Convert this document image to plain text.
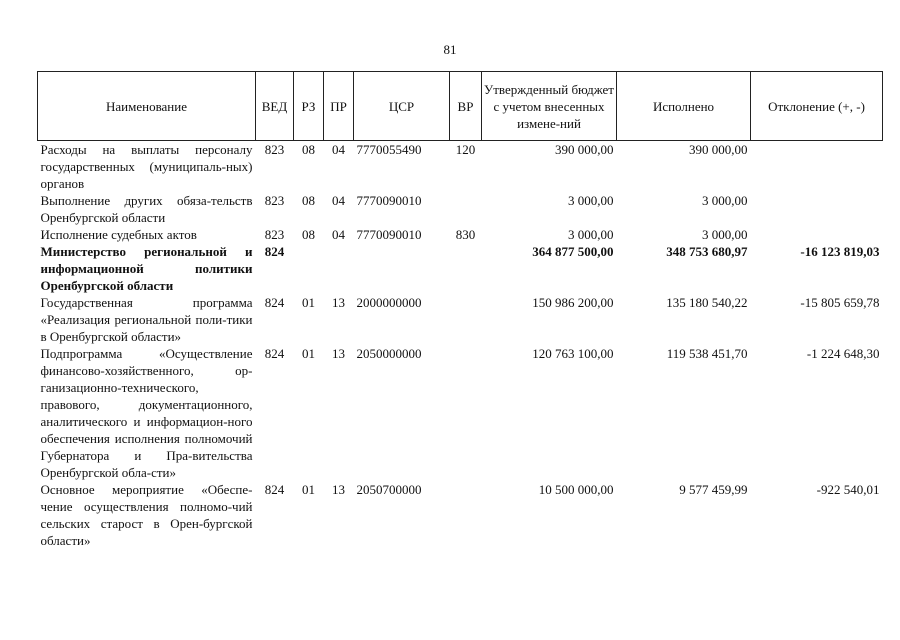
81
Наименование	ВЕД	РЗ	ПР	ЦСР	ВР	Утвержденный бюджет с учетом внесенных измене-ний	Исполнено	Отклонение (+, -)
Расходы на выплаты персоналу государственных (муниципаль-ных) органов	823	08	04	7770055490	120	390 000,00	390 000,00	
Выполнение других обяза-тельств Оренбургской области	823	08	04	7770090010		3 000,00	3 000,00	
Исполнение судебных актов	823	08	04	7770090010	830	3 000,00	3 000,00	
Министерство региональной и информационной политики Оренбургской области	824					364 877 500,00	348 753 680,97	-16 123 819,03
Государственная программа «Реализация региональной поли-тики в Оренбургской области»	824	01	13	2000000000		150 986 200,00	135 180 540,22	-15 805 659,78
Подпрограмма «Осуществление финансово-хозяйственного, ор-ганизационно-технического, правового, документационного, аналитического и информацион-ного обеспечения исполнения полномочий Губернатора и Пра-вительства Оренбургской обла-сти»	824	01	13	2050000000		120 763 100,00	119 538 451,70	-1 224 648,30
Основное мероприятие «Обеспе-чение осуществления полномо-чий сельских старост в Орен-бургской области»	824	01	13	2050700000		10 500 000,00	9 577 459,99	-922 540,01
